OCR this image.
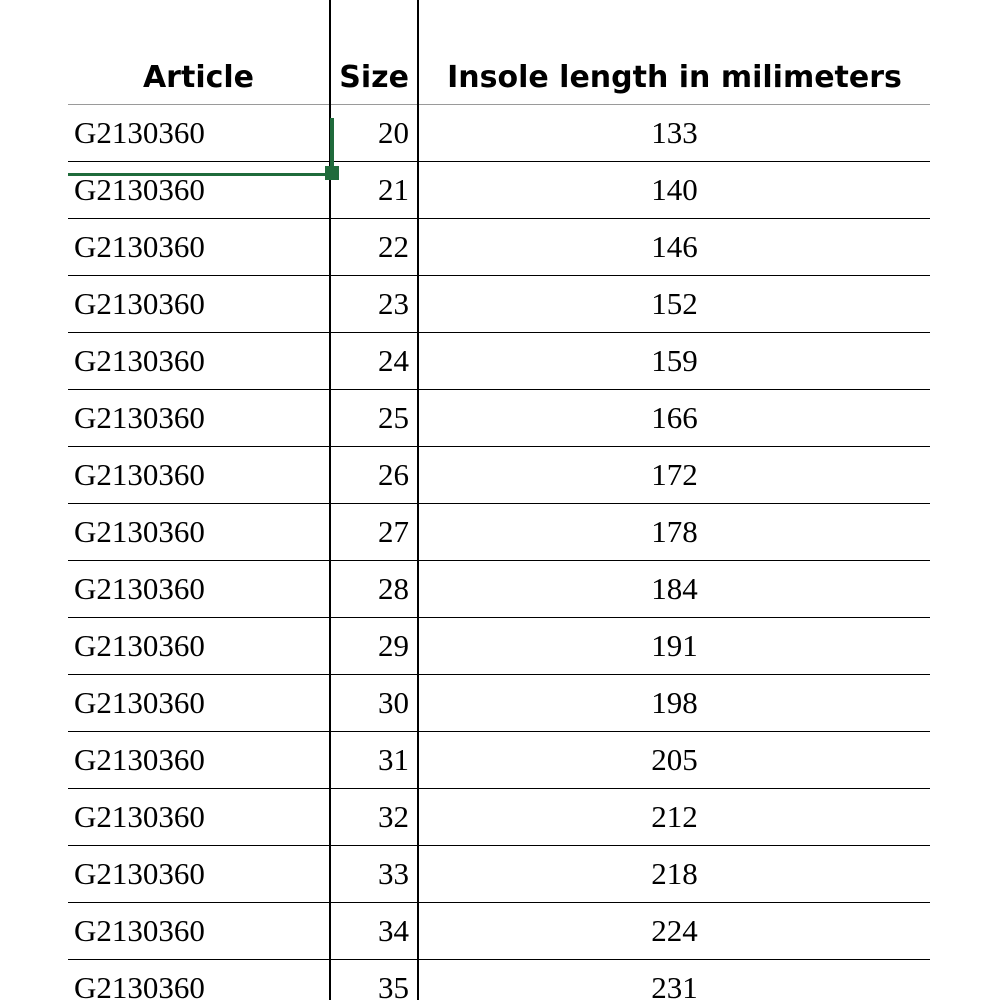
Article	Size	Insole length in milimeters
G2130360	20	133
G2130360	21	140
G2130360	22	146
G2130360	23	152
G2130360	24	159
G2130360	25	166
G2130360	26	172
G2130360	27	178
G2130360	28	184
G2130360	29	191
G2130360	30	198
G2130360	31	205
G2130360	32	212
G2130360	33	218
G2130360	34	224
G2130360	35	231
